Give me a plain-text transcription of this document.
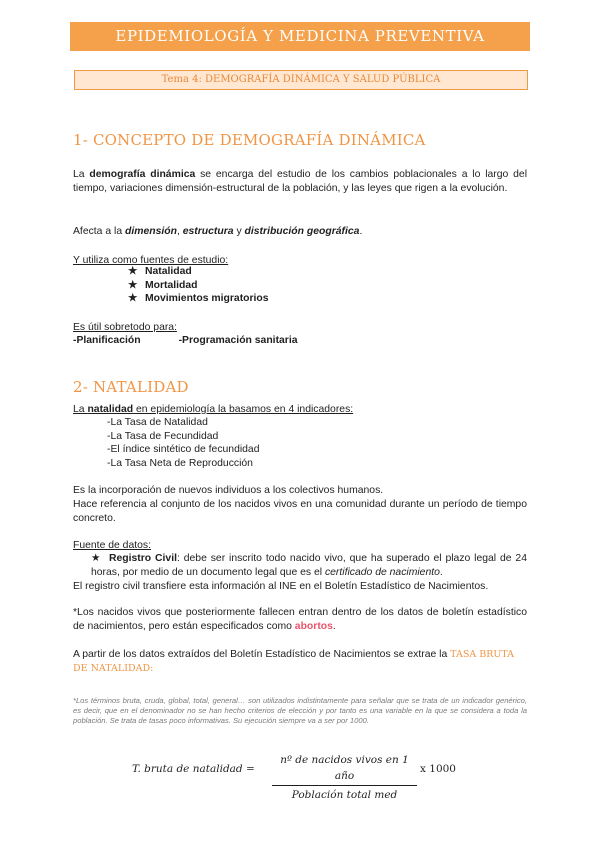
EPIDEMIOLOGÍA Y MEDICINA PREVENTIVA
Tema 4: DEMOGRAFÍA DINÁMICA Y SALUD PÚBLICA
1- CONCEPTO DE DEMOGRAFÍA DINÁMICA
La demografía dinámica se encarga del estudio de los cambios poblacionales a lo largo del tiempo, variaciones dimensión-estructural de la población, y las leyes que rigen a la evolución.
Afecta a la dimensión, estructura y distribución geográfica.
Y utiliza como fuentes de estudio:
★ Natalidad
★ Mortalidad
★ Movimientos migratorios
Es útil sobretodo para:
-Planificación	-Programación sanitaria
2- NATALIDAD
La natalidad en epidemiología la basamos en 4 indicadores:
-La Tasa de Natalidad
-La Tasa de Fecundidad
-El índice sintético de fecundidad
-La Tasa Neta de Reproducción
Es la incorporación de nuevos individuos a los colectivos humanos.
Hace referencia al conjunto de los nacidos vivos en una comunidad durante un período de tiempo concreto.
Fuente de datos:
★ Registro Civil: debe ser inscrito todo nacido vivo, que ha superado el plazo legal de 24 horas, por medio de un documento legal que es el certificado de nacimiento.
El registro civil transfiere esta información al INE en el Boletín Estadístico de Nacimientos.
*Los nacidos vivos que posteriormente fallecen entran dentro de los datos de boletín estadístico de nacimientos, pero están especificados como abortos.
A partir de los datos extraídos del Boletín Estadístico de Nacimientos se extrae la TASA BRUTA DE NATALIDAD:
*Los términos bruta, cruda, global, total, general… son utilizados indistintamente para señalar que se trata de un indicador genérico, es decir, que en el denominador no se han hecho criterios de elección y por tanto es una variable en la que se considera a toda la población. Se trata de tasas poco informativas. Su ejecución siempre va a ser por 1000.
T. bruta de natalidad =
nº de nacidos vivos en 1 año
Población total med
x 1000
